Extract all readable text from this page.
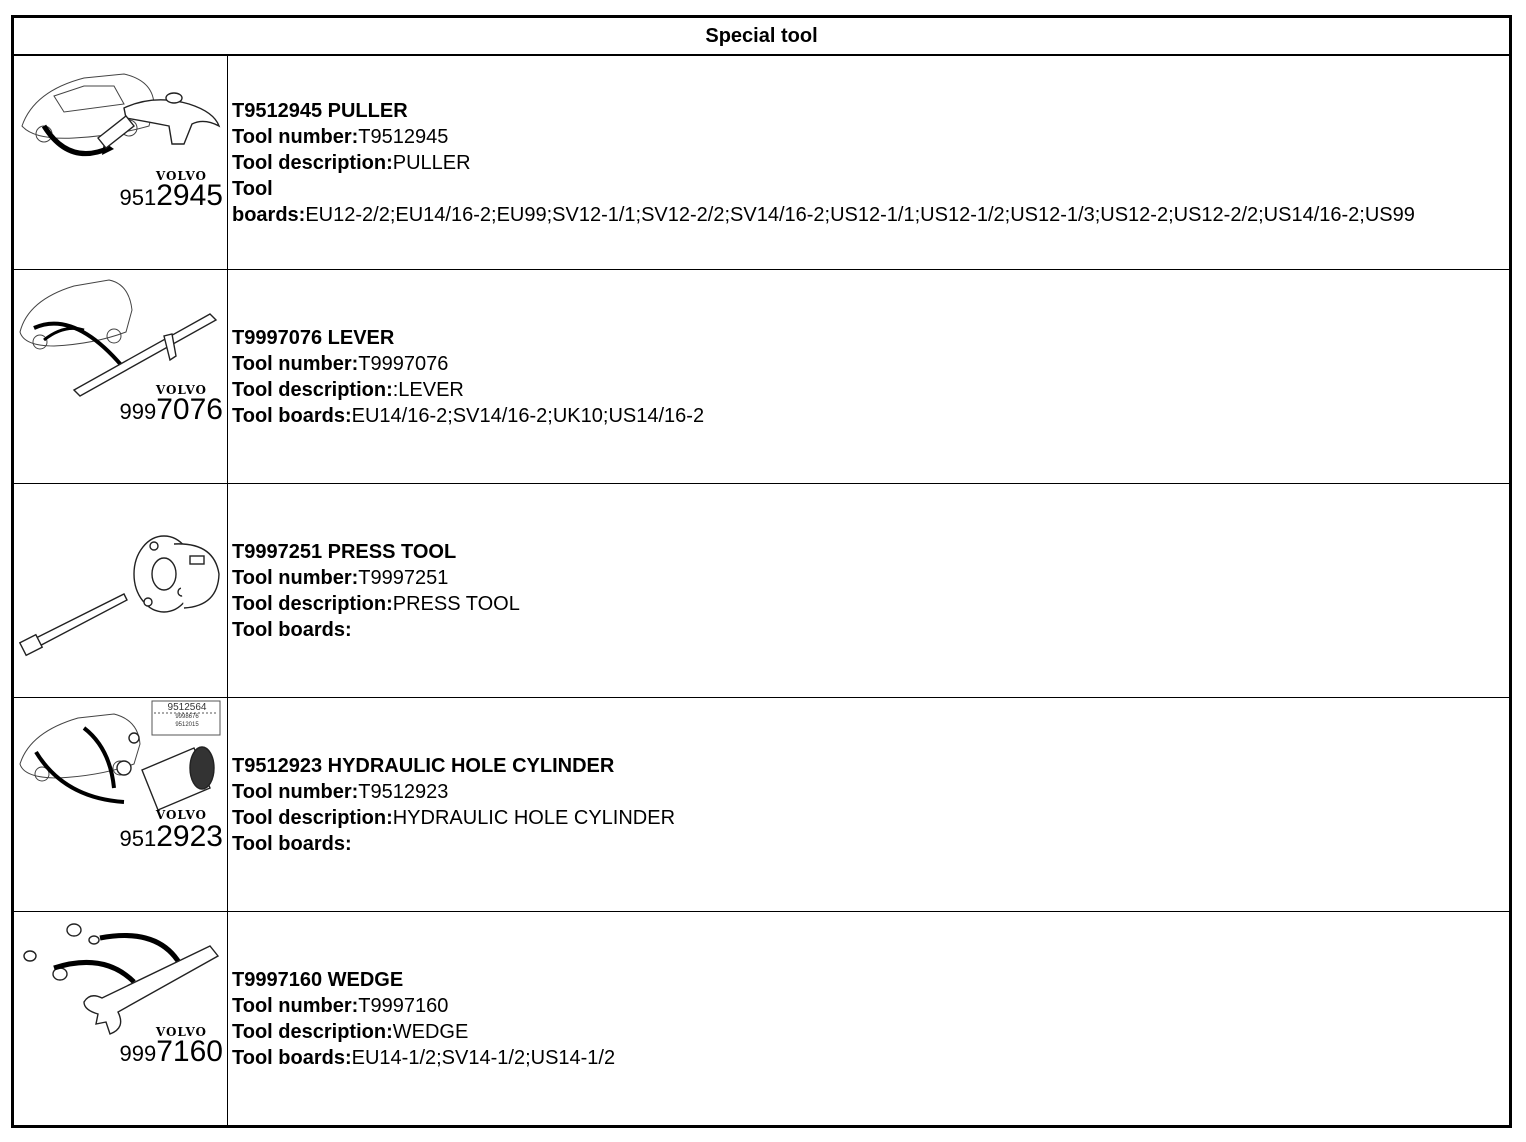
Special tool
VOLVO
9512945
T9512945 PULLER
Tool number:T9512945
Tool description:PULLER
Tool
boards:EU12-2/2;EU14/16-2;EU99;SV12-1/1;SV12-2/2;SV14/16-2;US12-1/1;US12-1/2;US12-1/3;US12-2;US12-2/2;US14/16-2;US99
VOLVO
9997076
T9997076 LEVER
Tool number:T9997076
Tool description::LEVER
Tool boards:EU14/16-2;SV14/16-2;UK10;US14/16-2
T9997251 PRESS TOOL
Tool number:T9997251
Tool description:PRESS TOOL
Tool boards:
9512564
9998676
9512015
VOLVO
9512923
T9512923 HYDRAULIC HOLE CYLINDER
Tool number:T9512923
Tool description:HYDRAULIC HOLE CYLINDER
Tool boards:
VOLVO
9997160
T9997160 WEDGE
Tool number:T9997160
Tool description:WEDGE
Tool boards:EU14-1/2;SV14-1/2;US14-1/2
